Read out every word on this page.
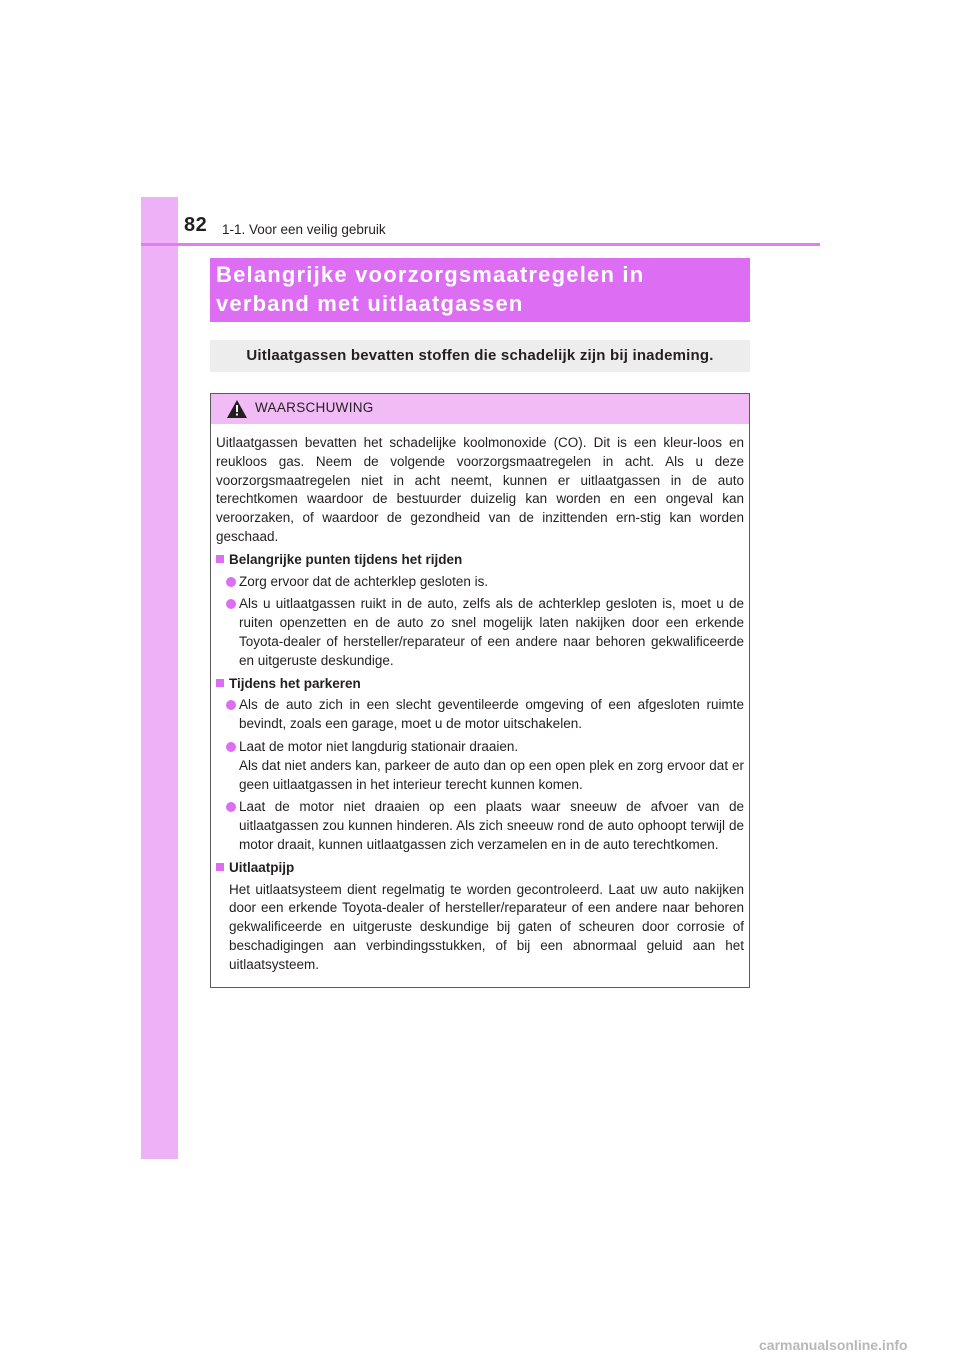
82 1-1. Voor een veilig gebruik
Belangrijke voorzorgsmaatregelen in
verband met uitlaatgassen
Uitlaatgassen bevatten stoffen die schadelijk zijn bij inademing.
WAARSCHUWING

Uitlaatgassen bevatten het schadelijke koolmonoxide (CO). Dit is een kleur-loos en reukloos gas. Neem de volgende voorzorgsmaatregelen in acht. Als u deze voorzorgsmaatregelen niet in acht neemt, kunnen er uitlaatgassen in de auto terechtkomen waardoor de bestuurder duizelig kan worden en een ongeval kan veroorzaken, of waardoor de gezondheid van de inzittenden ern-stig kan worden geschaad.

Belangrijke punten tijdens het rijden
Zorg ervoor dat de achterklep gesloten is.
Als u uitlaatgassen ruikt in de auto, zelfs als de achterklep gesloten is, moet u de ruiten openzetten en de auto zo snel mogelijk laten nakijken door een erkende Toyota-dealer of hersteller/reparateur of een andere naar behoren gekwalificeerde en uitgeruste deskundige.
Tijdens het parkeren
Als de auto zich in een slecht geventileerde omgeving of een afgesloten ruimte bevindt, zoals een garage, moet u de motor uitschakelen.
Laat de motor niet langdurig stationair draaien.
Als dat niet anders kan, parkeer de auto dan op een open plek en zorg ervoor dat er geen uitlaatgassen in het interieur terecht kunnen komen.
Laat de motor niet draaien op een plaats waar sneeuw de afvoer van de uitlaatgassen zou kunnen hinderen. Als zich sneeuw rond de auto ophoopt terwijl de motor draait, kunnen uitlaatgassen zich verzamelen en in de auto terechtkomen.
Uitlaatpijp

Het uitlaatsysteem dient regelmatig te worden gecontroleerd. Laat uw auto nakijken door een erkende Toyota-dealer of hersteller/reparateur of een andere naar behoren gekwalificeerde en uitgeruste deskundige bij gaten of scheuren door corrosie of beschadigingen aan verbindingsstukken, of bij een abnormaal geluid aan het uitlaatsysteem.

carmanualsonline.info
